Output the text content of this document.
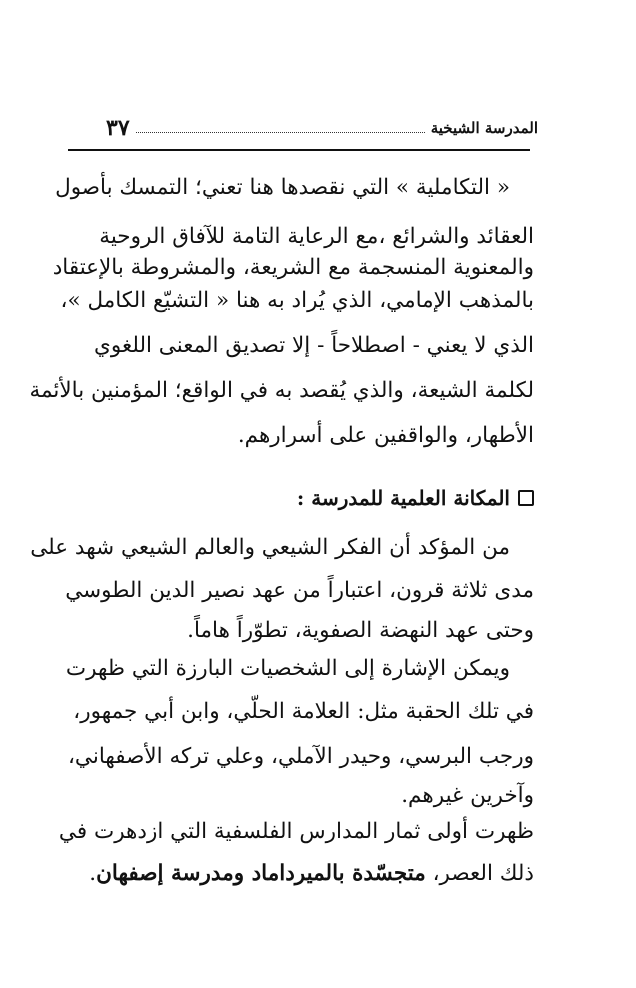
المدرسة الشيخية
٣٧
« التكاملية » التي نقصدها هنا تعني؛ التمسك بأصول
العقائد والشرائع ،مع الرعاية التامة للآفاق الروحية
والمعنوية المنسجمة مع الشريعة، والمشروطة بالإعتقاد
بالمذهب الإمامي، الذي يُراد به هنا « التشيّع الكامل »،
الذي لا يعني - اصطلاحاً - إلا تصديق المعنى اللغوي
لكلمة الشيعة، والذي يُقصد به في الواقع؛ المؤمنين بالأئمة
الأطهار، والواقفين على أسرارهم.
المكانة العلمية للمدرسة :
من المؤكد أن الفكر الشيعي والعالم الشيعي شهد على
مدى ثلاثة قرون، اعتباراً من عهد نصير الدين الطوسي
وحتى عهد النهضة الصفوية، تطوّراً هاماً.
ويمكن الإشارة إلى الشخصيات البارزة التي ظهرت
في تلك الحقبة مثل: العلامة الحلّي، وابن أبي جمهور،
ورجب البرسي، وحيدر الآملي، وعلي تركه الأصفهاني،
وآخرين غيرهم.
ظهرت أولى ثمار المدارس الفلسفية التي ازدهرت في
ذلك العصر، متجسّدة بالميرداماد ومدرسة إصفهان.
